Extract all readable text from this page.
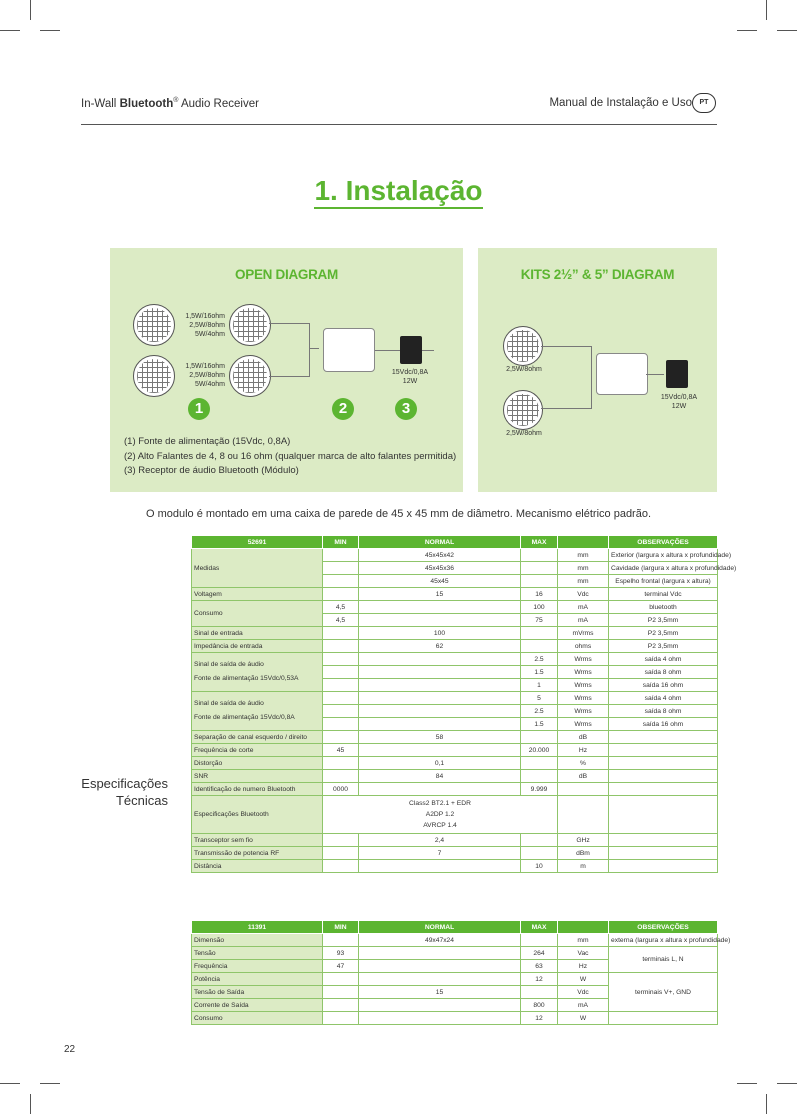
In-Wall Bluetooth® Audio Receiver	Manual de Instalação e Uso	PT
1. Instalação
OPEN DIAGRAM
1,5W/16ohm
2,5W/8ohm
5W/4ohm
1,5W/16ohm
2,5W/8ohm
5W/4ohm
15Vdc/0,8A
12W
1	2	3
(1) Fonte de alimentação (15Vdc, 0,8A)
(2) Alto Falantes de 4, 8 ou 16 ohm (qualquer marca de alto falantes permitida)
(3) Receptor de áudio Bluetooth (Módulo)
KITS 2½” & 5” DIAGRAM
2,5W/8ohm
2,5W/8ohm
15Vdc/0,8A
12W
O modulo é montado em uma caixa de parede de 45 x 45 mm de diâmetro. Mecanismo elétrico padrão.
Especificações
Técnicas
52691	MIN	NORMAL	MAX		OBSERVAÇÕES
Medidas		45x45x42		mm	Exterior (largura x altura x profundidade)
		45x45x36		mm	Cavidade (largura x altura x profundidade)
		45x45		mm	Espelho frontal (largura x altura)
Voltagem		15	16	Vdc	terminal Vdc
Consumo	4,5		100	mA	bluetooth
	4,5		75	mA	P2 3,5mm
Sinal de entrada		100		mVrms	P2 3,5mm
Impedância de entrada		62		ohms	P2 3,5mm
Sinal de saída de áudio
Fonte de alimentação 15Vdc/0,53A			2.5	Wrms	saída 4 ohm
			1.5	Wrms	saída 8 ohm
			1	Wrms	saída 16 ohm
Sinal de saída de áudio
Fonte de alimentação 15Vdc/0,8A			5	Wrms	saída 4 ohm
			2.5	Wrms	saída 8 ohm
			1.5	Wrms	saída 16 ohm
Separação de canal esquerdo / direito		58		dB	
Frequência de corte	45		20.000	Hz	
Distorção		0,1		%	
SNR		84		dB	
Identificação de numero Bluetooth	0000		9.999		
Especificações Bluetooth	Class2 BT2.1 + EDR
A2DP 1.2
AVRCP 1.4				
Transceptor sem fio		2,4		GHz	
Transmissão de potencia RF		7		dBm	
Distância			10	m	
11391	MIN	NORMAL	MAX		OBSERVAÇÕES
Dimensão		49x47x24		mm	externa (largura x altura x profundidade)
Tensão	93		264	Vac	terminais L, N
Frequência	47		63	Hz	
Potência			12	W	terminais V+, GND
Tensão de Saída		15		Vdc	
Corrente de Saída			800	mA	
Consumo			12	W	
22
